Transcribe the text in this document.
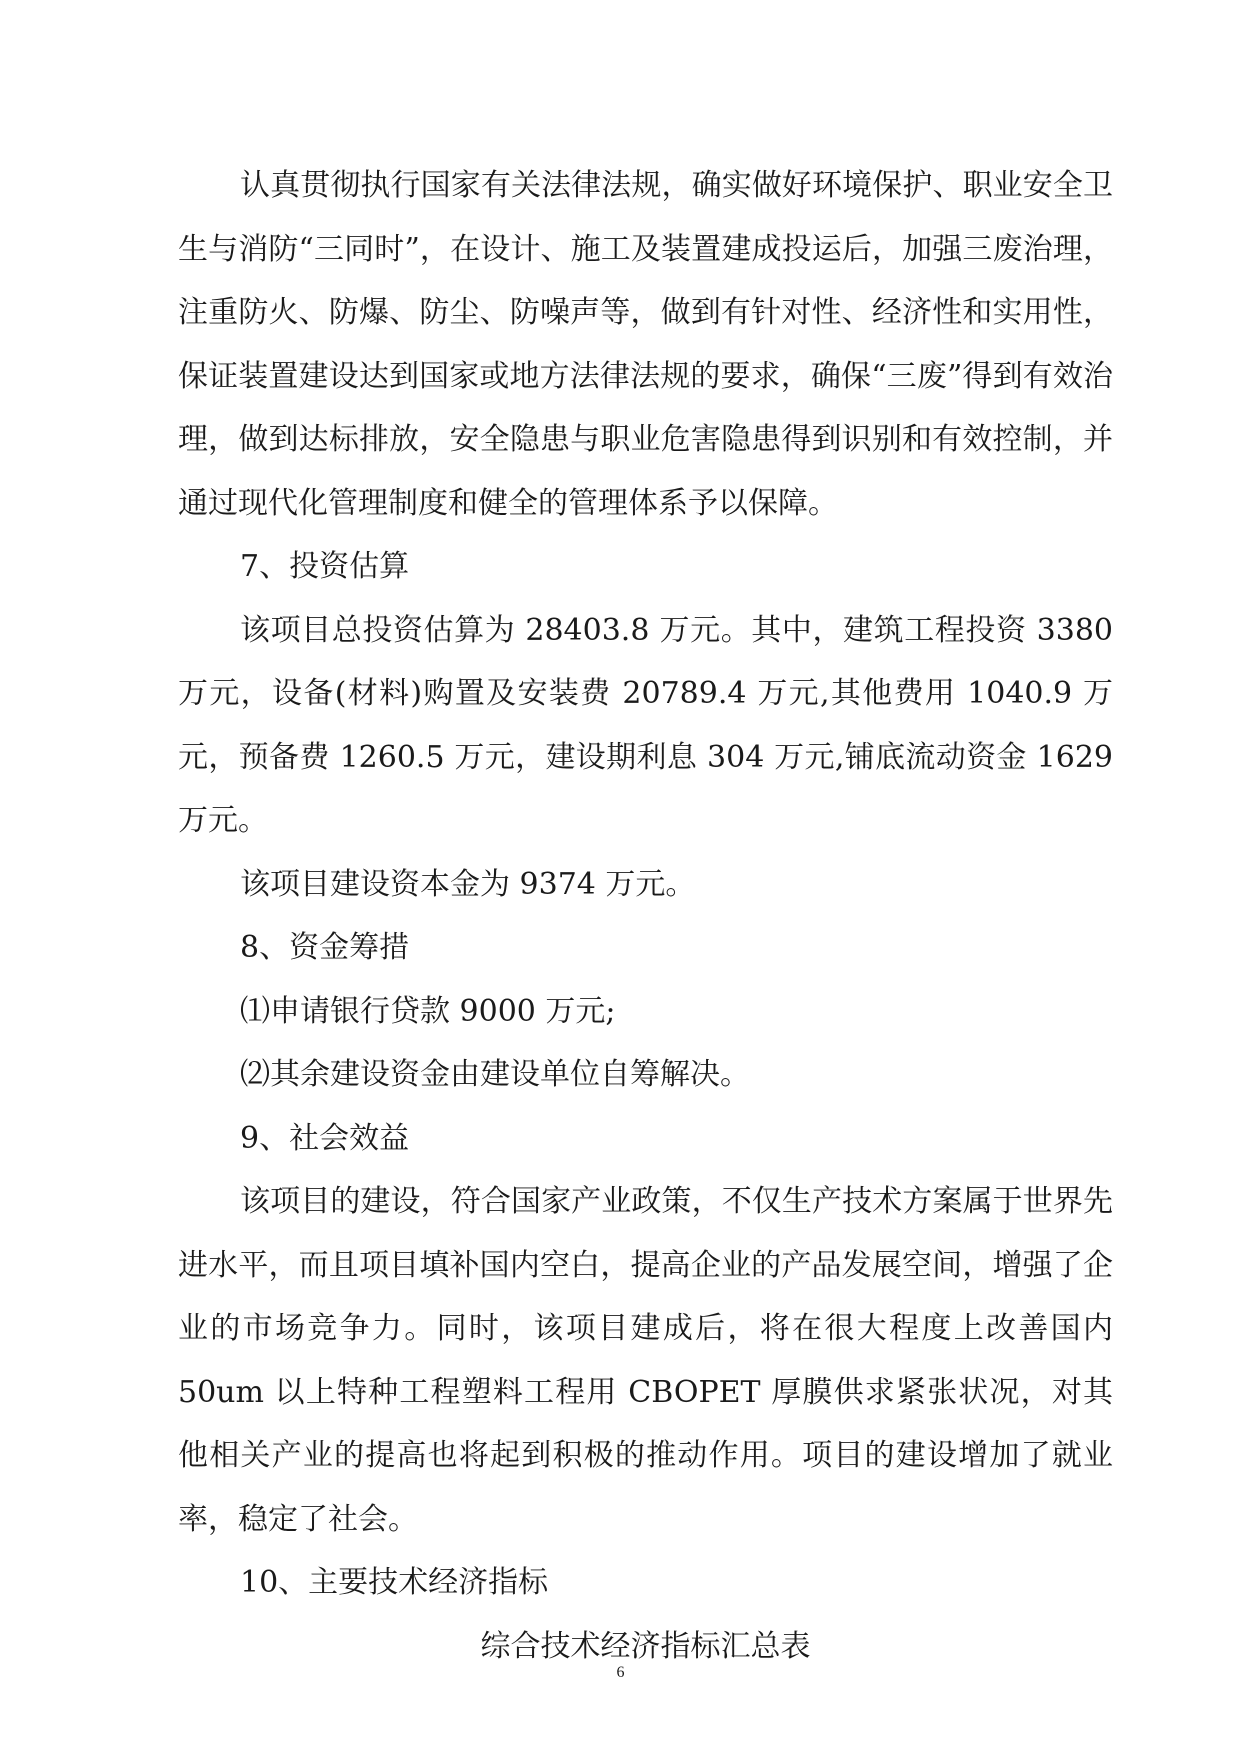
认真贯彻执行国家有关法律法规，确实做好环境保护、职业安全卫生与消防“三同时”，在设计、施工及装置建成投运后，加强三废治理，注重防火、防爆、防尘、防噪声等，做到有针对性、经济性和实用性，保证装置建设达到国家或地方法律法规的要求，确保“三废”得到有效治理，做到达标排放，安全隐患与职业危害隐患得到识别和有效控制，并通过现代化管理制度和健全的管理体系予以保障。

7、投资估算

该项目总投资估算为 28403.8 万元。其中，建筑工程投资 3380 万元，设备(材料)购置及安装费 20789.4 万元,其他费用 1040.9 万元，预备费 1260.5 万元，建设期利息 304 万元,铺底流动资金 1629 万元。

该项目建设资本金为 9374 万元。

8、资金筹措

⑴申请银行贷款 9000 万元;

⑵其余建设资金由建设单位自筹解决。

9、社会效益

该项目的建设，符合国家产业政策，不仅生产技术方案属于世界先进水平，而且项目填补国内空白，提高企业的产品发展空间，增强了企业的市场竞争力。同时，该项目建成后，将在很大程度上改善国内 50um 以上特种工程塑料工程用 CBOPET 厚膜供求紧张状况，对其他相关产业的提高也将起到积极的推动作用。项目的建设增加了就业率，稳定了社会。

10、主要技术经济指标

综合技术经济指标汇总表

6
